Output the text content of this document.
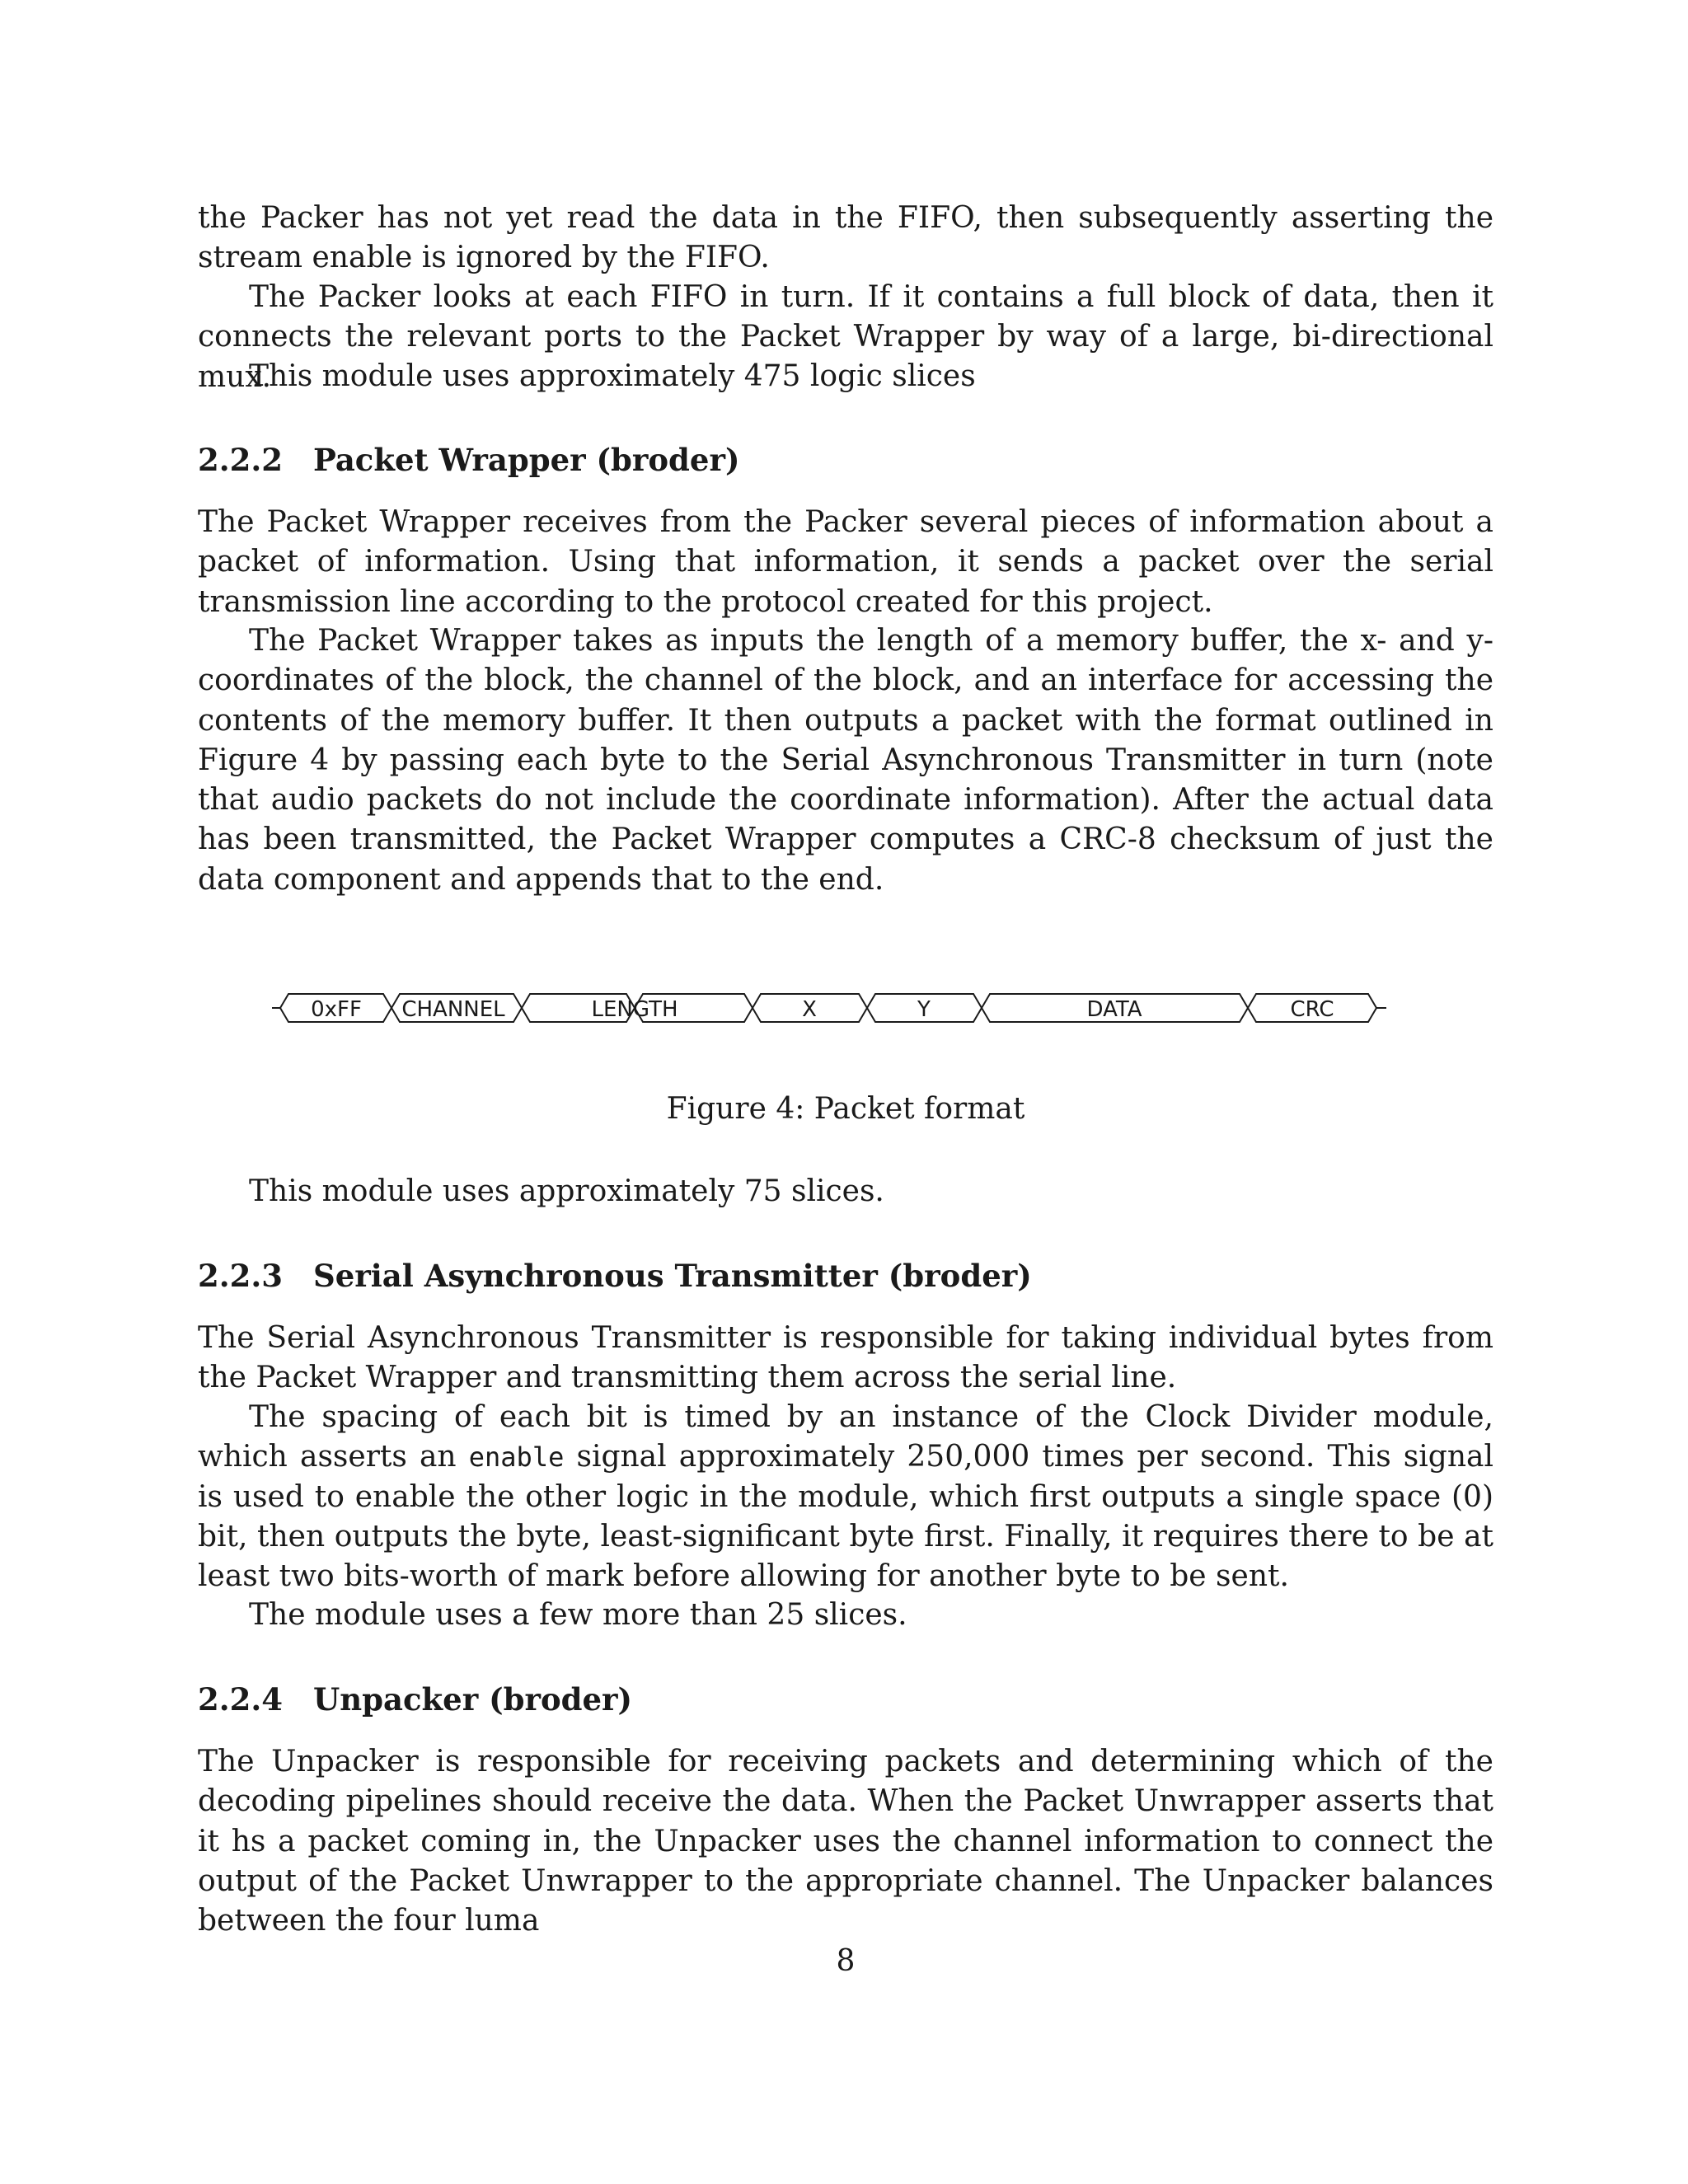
the Packer has not yet read the data in the FIFO, then subsequently asserting the stream enable is ignored by the FIFO.

The Packer looks at each FIFO in turn. If it contains a full block of data, then it connects the relevant ports to the Packet Wrapper by way of a large, bi-directional mux.

This module uses approximately 475 logic slices

2.2.2 Packet Wrapper (broder)

The Packet Wrapper receives from the Packer several pieces of information about a packet of information. Using that information, it sends a packet over the serial transmission line according to the protocol created for this project.

The Packet Wrapper takes as inputs the length of a memory buffer, the x- and y-coordinates of the block, the channel of the block, and an interface for accessing the contents of the memory buffer. It then outputs a packet with the format outlined in Figure 4 by passing each byte to the Serial Asynchronous Transmitter in turn (note that audio packets do not include the coordinate information). After the actual data has been transmitted, the Packet Wrapper computes a CRC-8 checksum of just the data component and appends that to the end.

0xFF CHANNEL	LENGTH	X	Y	DATA	CRC

Figure 4: Packet format

This module uses approximately 75 slices.

2.2.3 Serial Asynchronous Transmitter (broder)

The Serial Asynchronous Transmitter is responsible for taking individual bytes from the Packet Wrapper and transmitting them across the serial line.

The spacing of each bit is timed by an instance of the Clock Divider module, which asserts an enable signal approximately 250,000 times per second. This signal is used to enable the other logic in the module, which first outputs a single space (0) bit, then outputs the byte, least-significant byte first. Finally, it requires there to be at least two bits-worth of mark before allowing for another byte to be sent.

The module uses a few more than 25 slices.

2.2.4 Unpacker (broder)

The Unpacker is responsible for receiving packets and determining which of the decoding pipelines should receive the data. When the Packet Unwrapper asserts that it hs a packet coming in, the Unpacker uses the channel information to connect the output of the Packet Unwrapper to the appropriate channel. The Unpacker balances between the four luma

8
